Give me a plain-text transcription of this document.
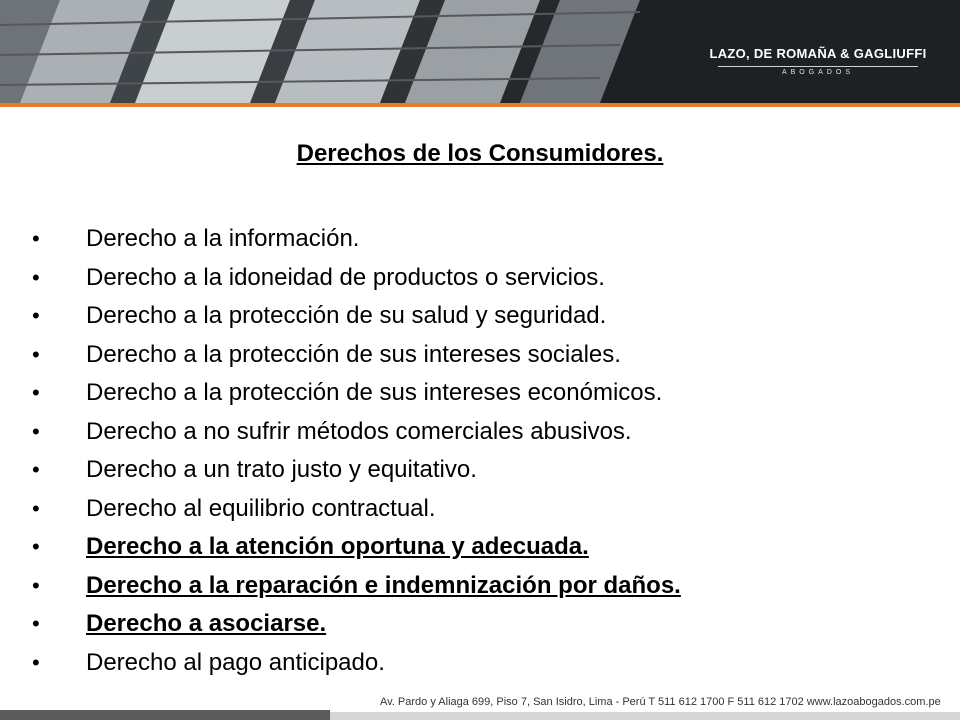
LAZO, DE ROMAÑA & GAGLIUFFI
ABOGADOS
Derechos de los Consumidores.
•	Derecho a la información.
•	Derecho a la idoneidad de productos o servicios.
•	Derecho a la protección de su salud y seguridad.
•	Derecho a la protección de sus intereses sociales.
•	Derecho a la protección de sus intereses económicos.
•	Derecho a no sufrir métodos comerciales abusivos.
•	Derecho a un trato justo y equitativo.
•	Derecho al equilibrio contractual.
•	Derecho a la atención oportuna y adecuada.
•	Derecho a la reparación e indemnización por daños.
•	Derecho a asociarse.
•	Derecho al pago anticipado.
Av. Pardo y Aliaga 699, Piso 7, San Isidro, Lima - Perú T 511 612 1700 F 511 612 1702 www.lazoabogados.com.pe
